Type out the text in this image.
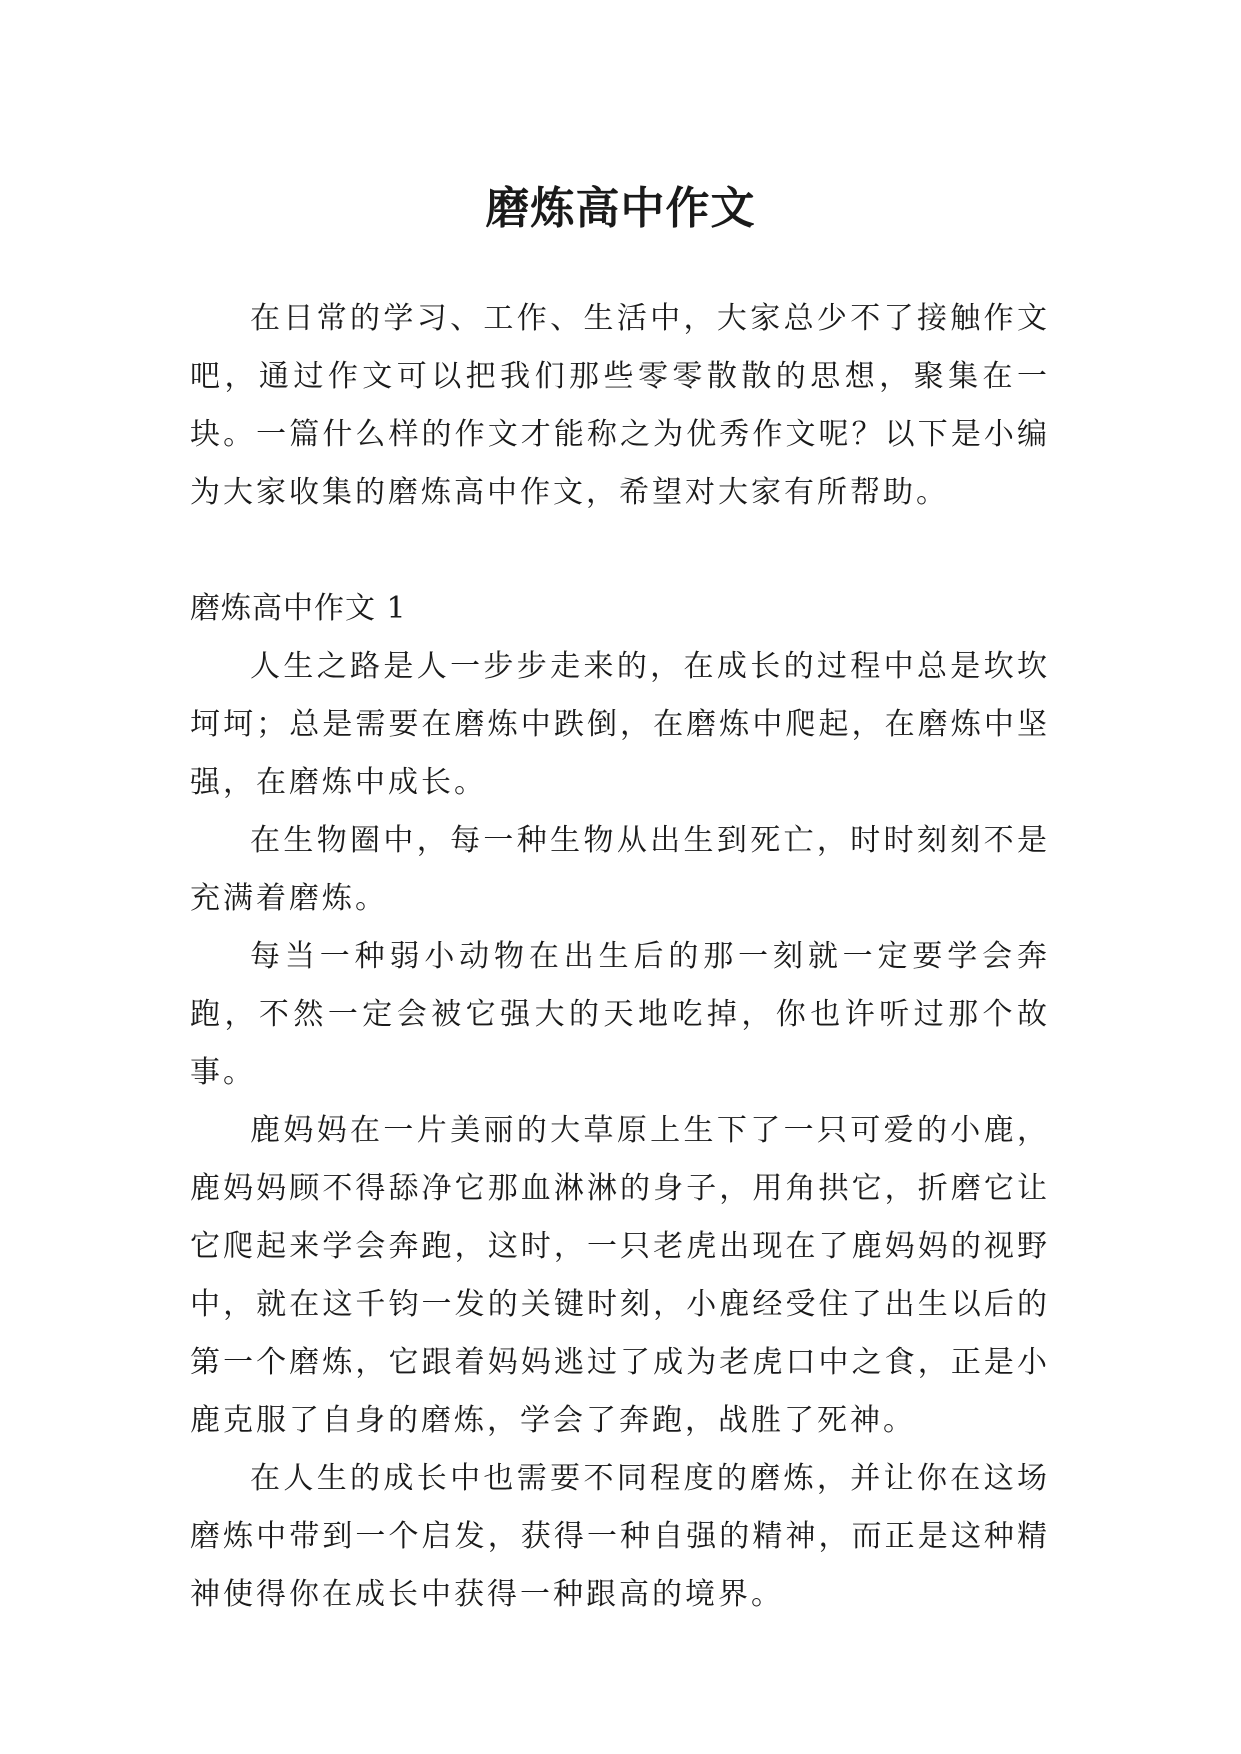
磨炼高中作文

在日常的学习、工作、生活中，大家总少不了接触作文吧，通过作文可以把我们那些零零散散的思想，聚集在一块。一篇什么样的作文才能称之为优秀作文呢？以下是小编为大家收集的磨炼高中作文，希望对大家有所帮助。

磨炼高中作文 1

人生之路是人一步步走来的，在成长的过程中总是坎坎坷坷；总是需要在磨炼中跌倒，在磨炼中爬起，在磨炼中坚强，在磨炼中成长。

在生物圈中，每一种生物从出生到死亡，时时刻刻不是充满着磨炼。

每当一种弱小动物在出生后的那一刻就一定要学会奔跑，不然一定会被它强大的天地吃掉，你也许听过那个故事。

鹿妈妈在一片美丽的大草原上生下了一只可爱的小鹿，鹿妈妈顾不得舔净它那血淋淋的身子，用角拱它，折磨它让它爬起来学会奔跑，这时，一只老虎出现在了鹿妈妈的视野中，就在这千钧一发的关键时刻，小鹿经受住了出生以后的第一个磨炼，它跟着妈妈逃过了成为老虎口中之食，正是小鹿克服了自身的磨炼，学会了奔跑，战胜了死神。

在人生的成长中也需要不同程度的磨炼，并让你在这场磨炼中带到一个启发，获得一种自强的精神，而正是这种精神使得你在成长中获得一种跟高的境界。
